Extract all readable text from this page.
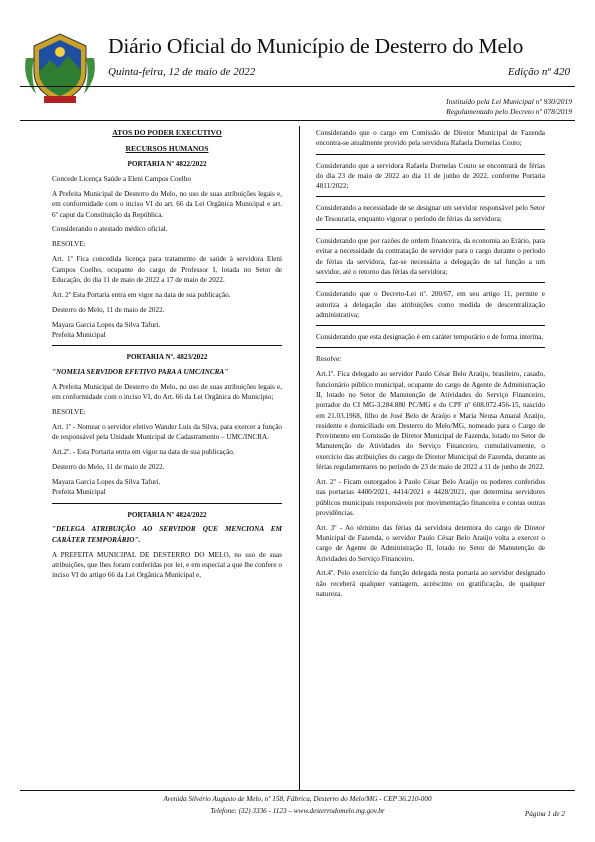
Diário Oficial do Município de Desterro do Melo
Quinta-feira, 12 de maio de 2022	Edição nº 420
Instituído pela Lei Municipal nº 930/2019
Regulamentado pelo Decreto nº 078/2019

ATOS DO PODER EXECUTIVO

RECURSOS HUMANOS

PORTARIA Nº 4822/2022

Concede Licença Saúde a Eleni Campos Coelho

A Prefeita Municipal de Desterro do Melo, no uso de suas atribuições legais e, em conformidade com o inciso VI do art. 66 da Lei Orgânica Municipal e art. 6º caput da Constituição da República.

Considerando o atestado médico oficial.

RESOLVE:

Art. 1º Fica concedida licença para tratamento de saúde à servidora Eleni Campos Coelho, ocupante do cargo de Professor I, lotada no Setor de Educação, do dia 11 de maio de 2022 a 17 de maio de 2022.

Art. 2º Esta Portaria entra em vigor na data de sua publicação.

Desterro do Melo, 11 de maio de 2022.

Mayara Garcia Lopes da Silva Tafuri.
Prefeita Municipal

PORTARIA Nº. 4823/2022

"NOMEIA SERVIDOR EFETIVO PARA A UMC/INCRA"

A Prefeita Municipal de Desterro do Melo, no uso de suas atribuições legais e, em conformidade com o inciso VI, do Art. 66 da Lei Orgânica do Município;

RESOLVE:

Art. 1º - Nomear o servidor efetivo Wander Luis da Silva, para exercer a função de responsável pela Unidade Municipal de Cadastramento – UMC/INCRA.

Art.2º. - Esta Portaria entra em vigor na data de sua publicação.

Desterro do Melo, 11 de maio de 2022.

Mayara Garcia Lopes da Silva Tafuri.
Prefeita Municipal

PORTARIA Nº 4824/2022

"DELEGA ATRIBUIÇÃO AO SERVIDOR QUE MENCIONA EM CARÁTER TEMPORÁRIO".

A PREFEITA MUNICIPAL DE DESTERRO DO MELO, no uso de suas atribuições, que lhes foram conferidas por lei, e em especial a que lhe confere o inciso VI do artigo 66 da Lei Orgânica Municipal e,

Considerando que o cargo em Comissão de Diretor Municipal de Fazenda encontra-se atualmente provido pela servidora Rafaela Dornelas Couto;

Considerando que a servidora Rafaela Dornelas Couto se encontrará de férias do dia 23 de maio de 2022 ao dia 11 de junho de 2022, conforme Portaria 4811/2022;

Considerando a necessidade de se designar um servidor responsável pelo Setor de Tesouraria, enquanto vigorar o período de férias da servidora;

Considerando que por razões de ordem financeira, da economia ao Erário, para evitar a necessidade da contratação de servidor para o cargo durante o período de férias da servidora, faz-se necessária a delegação de tal função a um servidor, até o retorno das férias da servidora;

Considerando que o Decreto-Lei nº. 200/67, em seu artigo 11, permite e autoriza a delegação das atribuições como medida de descentralização administrativa;

Considerando que esta designação é em caráter temporário e de forma interina,

Resolve:

Art.1º. Fica delegado ao servidor Paulo César Belo Araújo, brasileiro, casado, funcionário público municipal, ocupante do cargo de Agente de Administração II, lotado no Setor de Manutenção de Atividades do Serviço Financeiro, portador do CI MG-3.284.880 PC/MG e do CPF nº 608.072.456-15, nascido em 21.03.1968, filho de José Belo de Araújo e Maria Neusa Amaral Araújo, residente e domiciliado em Desterro do Melo/MG, nomeado para o Cargo de Provimento em Comissão de Diretor Municipal de Fazenda, lotado no Setor de Manutenção de Atividades do Serviço Financeiro, cumulativamente, o exercício das atribuições do cargo de Diretor Municipal de Fazenda, durante as férias regulamentares no período de 23 de maio de 2022 a 11 de junho de 2022.

Art. 2º - Ficam outorgados à Paulo César Belo Araújo os poderes conferidos nas portarias 4400/2021, 4414/2021 e 4428/2021, que determina servidores públicos municipais responsáveis por movimentação financeira e contas outras providências.

Art. 3º - Ao término das férias da servidora detentora do cargo de Diretor Municipal de Fazenda, o servidor Paulo César Belo Araújo volta a exercer o cargo de Agente de Administração II, lotado no Setor de Manutenção de Atividades do Serviço Financeiro.

Art.4º. Pelo exercício da função delegada nesta portaria ao servidor designado não receberá qualquer vantagem, acréscimo ou gratificação, de qualquer natureza.

Avenida Silvério Augusto de Melo, nº 158, Fábrica, Desterro do Melo/MG - CEP 36.210-000
Telefone: (32) 3336 - 1123 – www.desterrodomelo.mg.gov.br	Página 1 de 2
